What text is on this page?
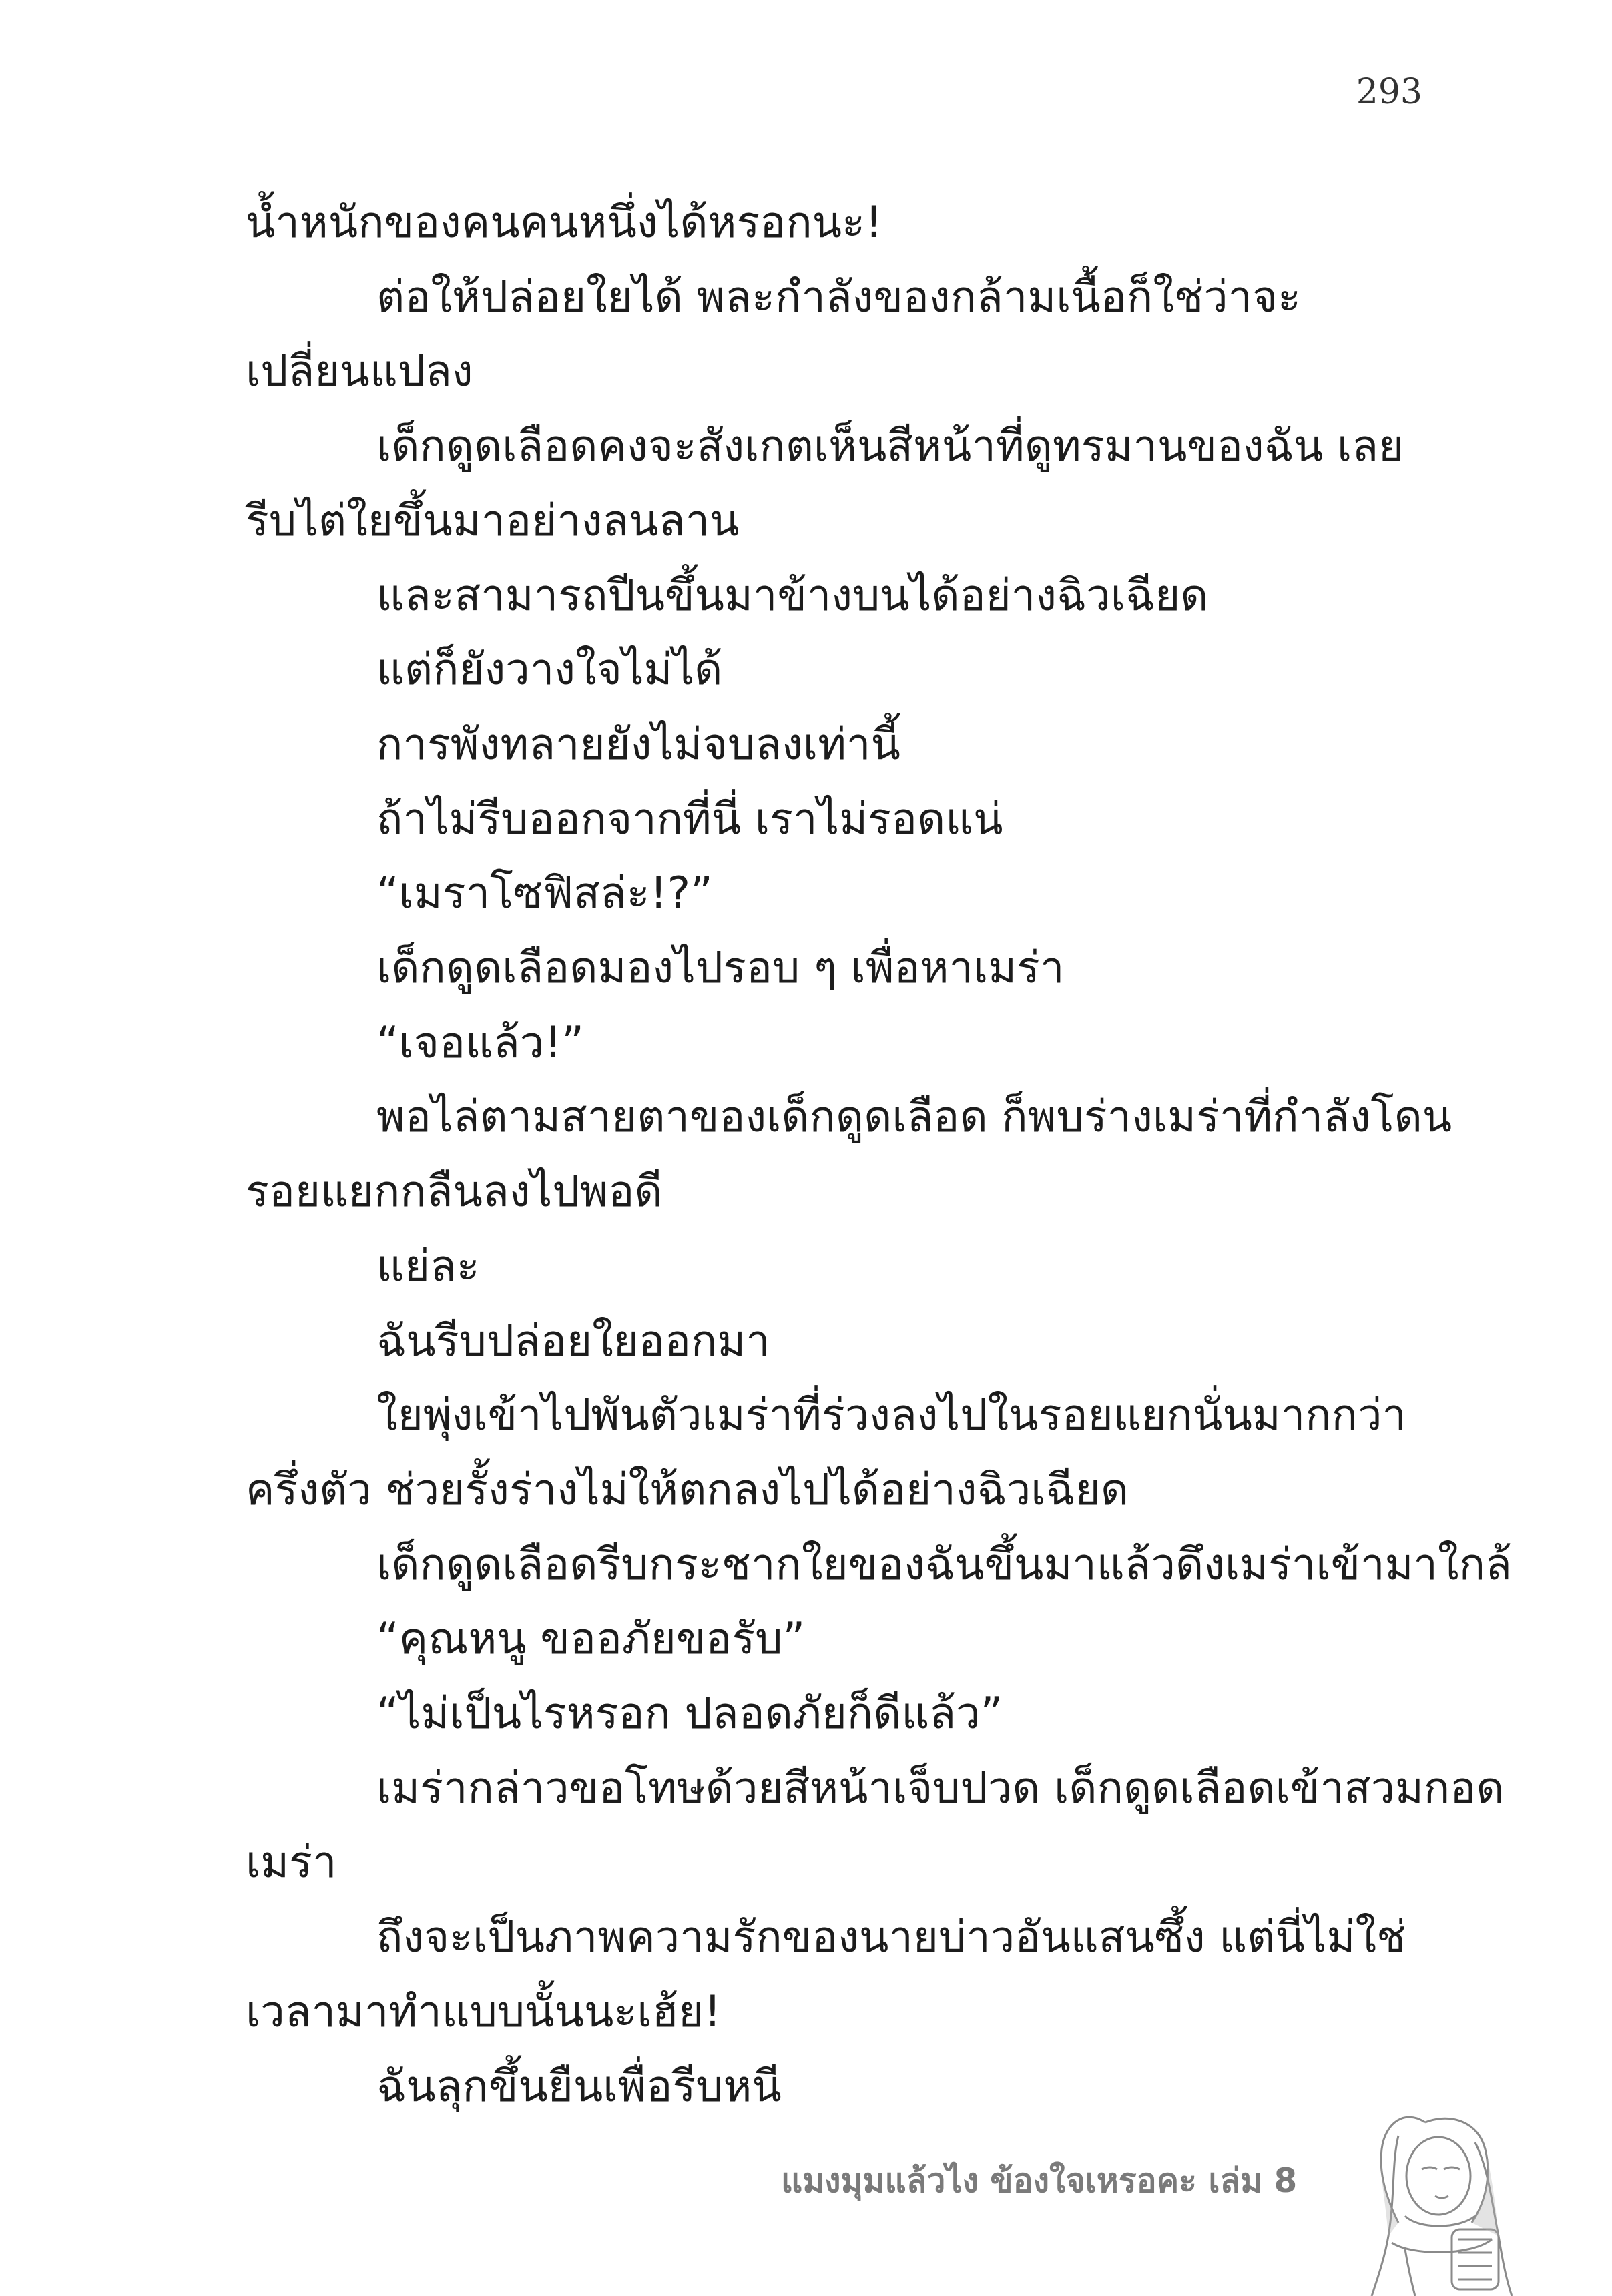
293

น้ำหนักของคนคนหนึ่งได้หรอกนะ!

ต่อให้ปล่อยใยได้ พละกำลังของกล้ามเนื้อก็ใช่ว่าจะ

เปลี่ยนแปลง

เด็กดูดเลือดคงจะสังเกตเห็นสีหน้าที่ดูทรมานของฉัน เลย

รีบไต่ใยขึ้นมาอย่างลนลาน

และสามารถปีนขึ้นมาข้างบนได้อย่างฉิวเฉียด

แต่ก็ยังวางใจไม่ได้

การพังทลายยังไม่จบลงเท่านี้

ถ้าไม่รีบออกจากที่นี่ เราไม่รอดแน่

“เมราโซฟิสล่ะ!?”

เด็กดูดเลือดมองไปรอบ ๆ เพื่อหาเมร่า

“เจอแล้ว!”

พอไล่ตามสายตาของเด็กดูดเลือด ก็พบร่างเมร่าที่กำลังโดน

รอยแยกกลืนลงไปพอดี

แย่ละ

ฉันรีบปล่อยใยออกมา

ใยพุ่งเข้าไปพันตัวเมร่าที่ร่วงลงไปในรอยแยกนั่นมากกว่า

ครึ่งตัว ช่วยรั้งร่างไม่ให้ตกลงไปได้อย่างฉิวเฉียด

เด็กดูดเลือดรีบกระชากใยของฉันขึ้นมาแล้วดึงเมร่าเข้ามาใกล้

“คุณหนู ขออภัยขอรับ”

“ไม่เป็นไรหรอก ปลอดภัยก็ดีแล้ว”

เมร่ากล่าวขอโทษด้วยสีหน้าเจ็บปวด เด็กดูดเลือดเข้าสวมกอด

เมร่า

ถึงจะเป็นภาพความรักของนายบ่าวอันแสนซึ้ง แต่นี่ไม่ใช่

เวลามาทำแบบนั้นนะเฮ้ย!

ฉันลุกขึ้นยืนเพื่อรีบหนี

แมงมุมแล้วไง ข้องใจเหรอคะ เล่ม 8
